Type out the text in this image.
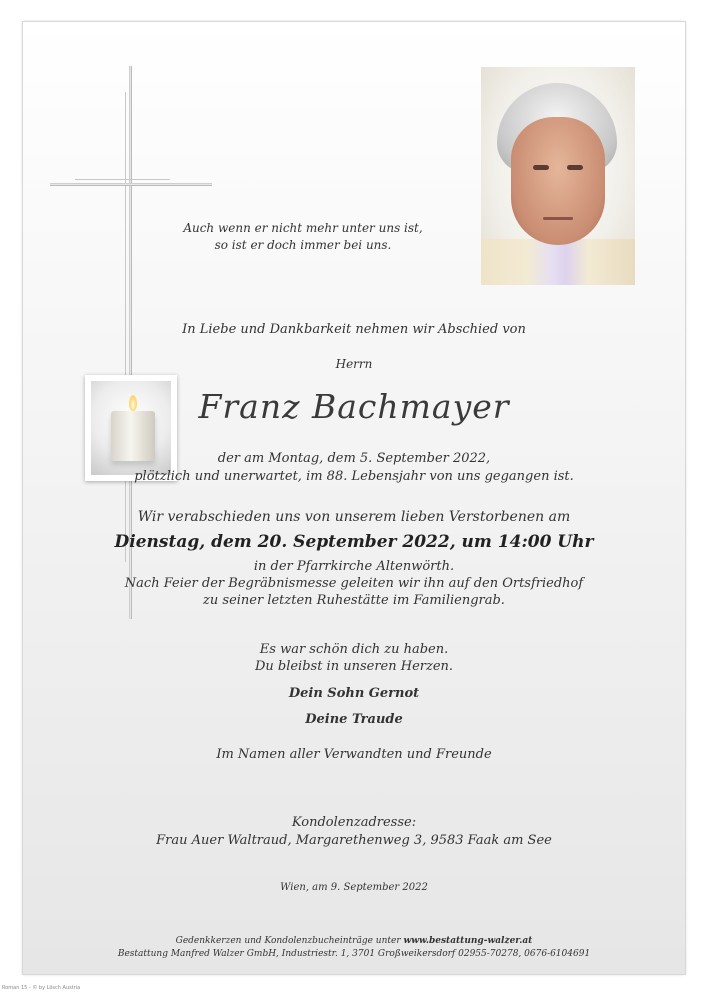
Auch wenn er nicht mehr unter uns ist,
so ist er doch immer bei uns.
In Liebe und Dankbarkeit nehmen wir Abschied von
Herrn
Franz Bachmayer
der am Montag, dem 5. September 2022,
plötzlich und unerwartet, im 88. Lebensjahr von uns gegangen ist.
Wir verabschieden uns von unserem lieben Verstorbenen am
Dienstag, dem 20. September 2022, um 14:00 Uhr
in der Pfarrkirche Altenwörth.
Nach Feier der Begräbnismesse geleiten wir ihn auf den Ortsfriedhof
zu seiner letzten Ruhestätte im Familiengrab.
Es war schön dich zu haben.
Du bleibst in unseren Herzen.
Dein Sohn Gernot
Deine Traude
Im Namen aller Verwandten und Freunde
Kondolenzadresse:
Frau Auer Waltraud, Margarethenweg 3, 9583 Faak am See
Wien, am 9. September 2022
Gedenkkerzen und Kondolenzbucheinträge unter www.bestattung-walzer.at
Bestattung Manfred Walzer GmbH, Industriestr. 1, 3701 Großweikersdorf 02955-70278, 0676-6104691
Roman 15 - © by Lösch Austria
